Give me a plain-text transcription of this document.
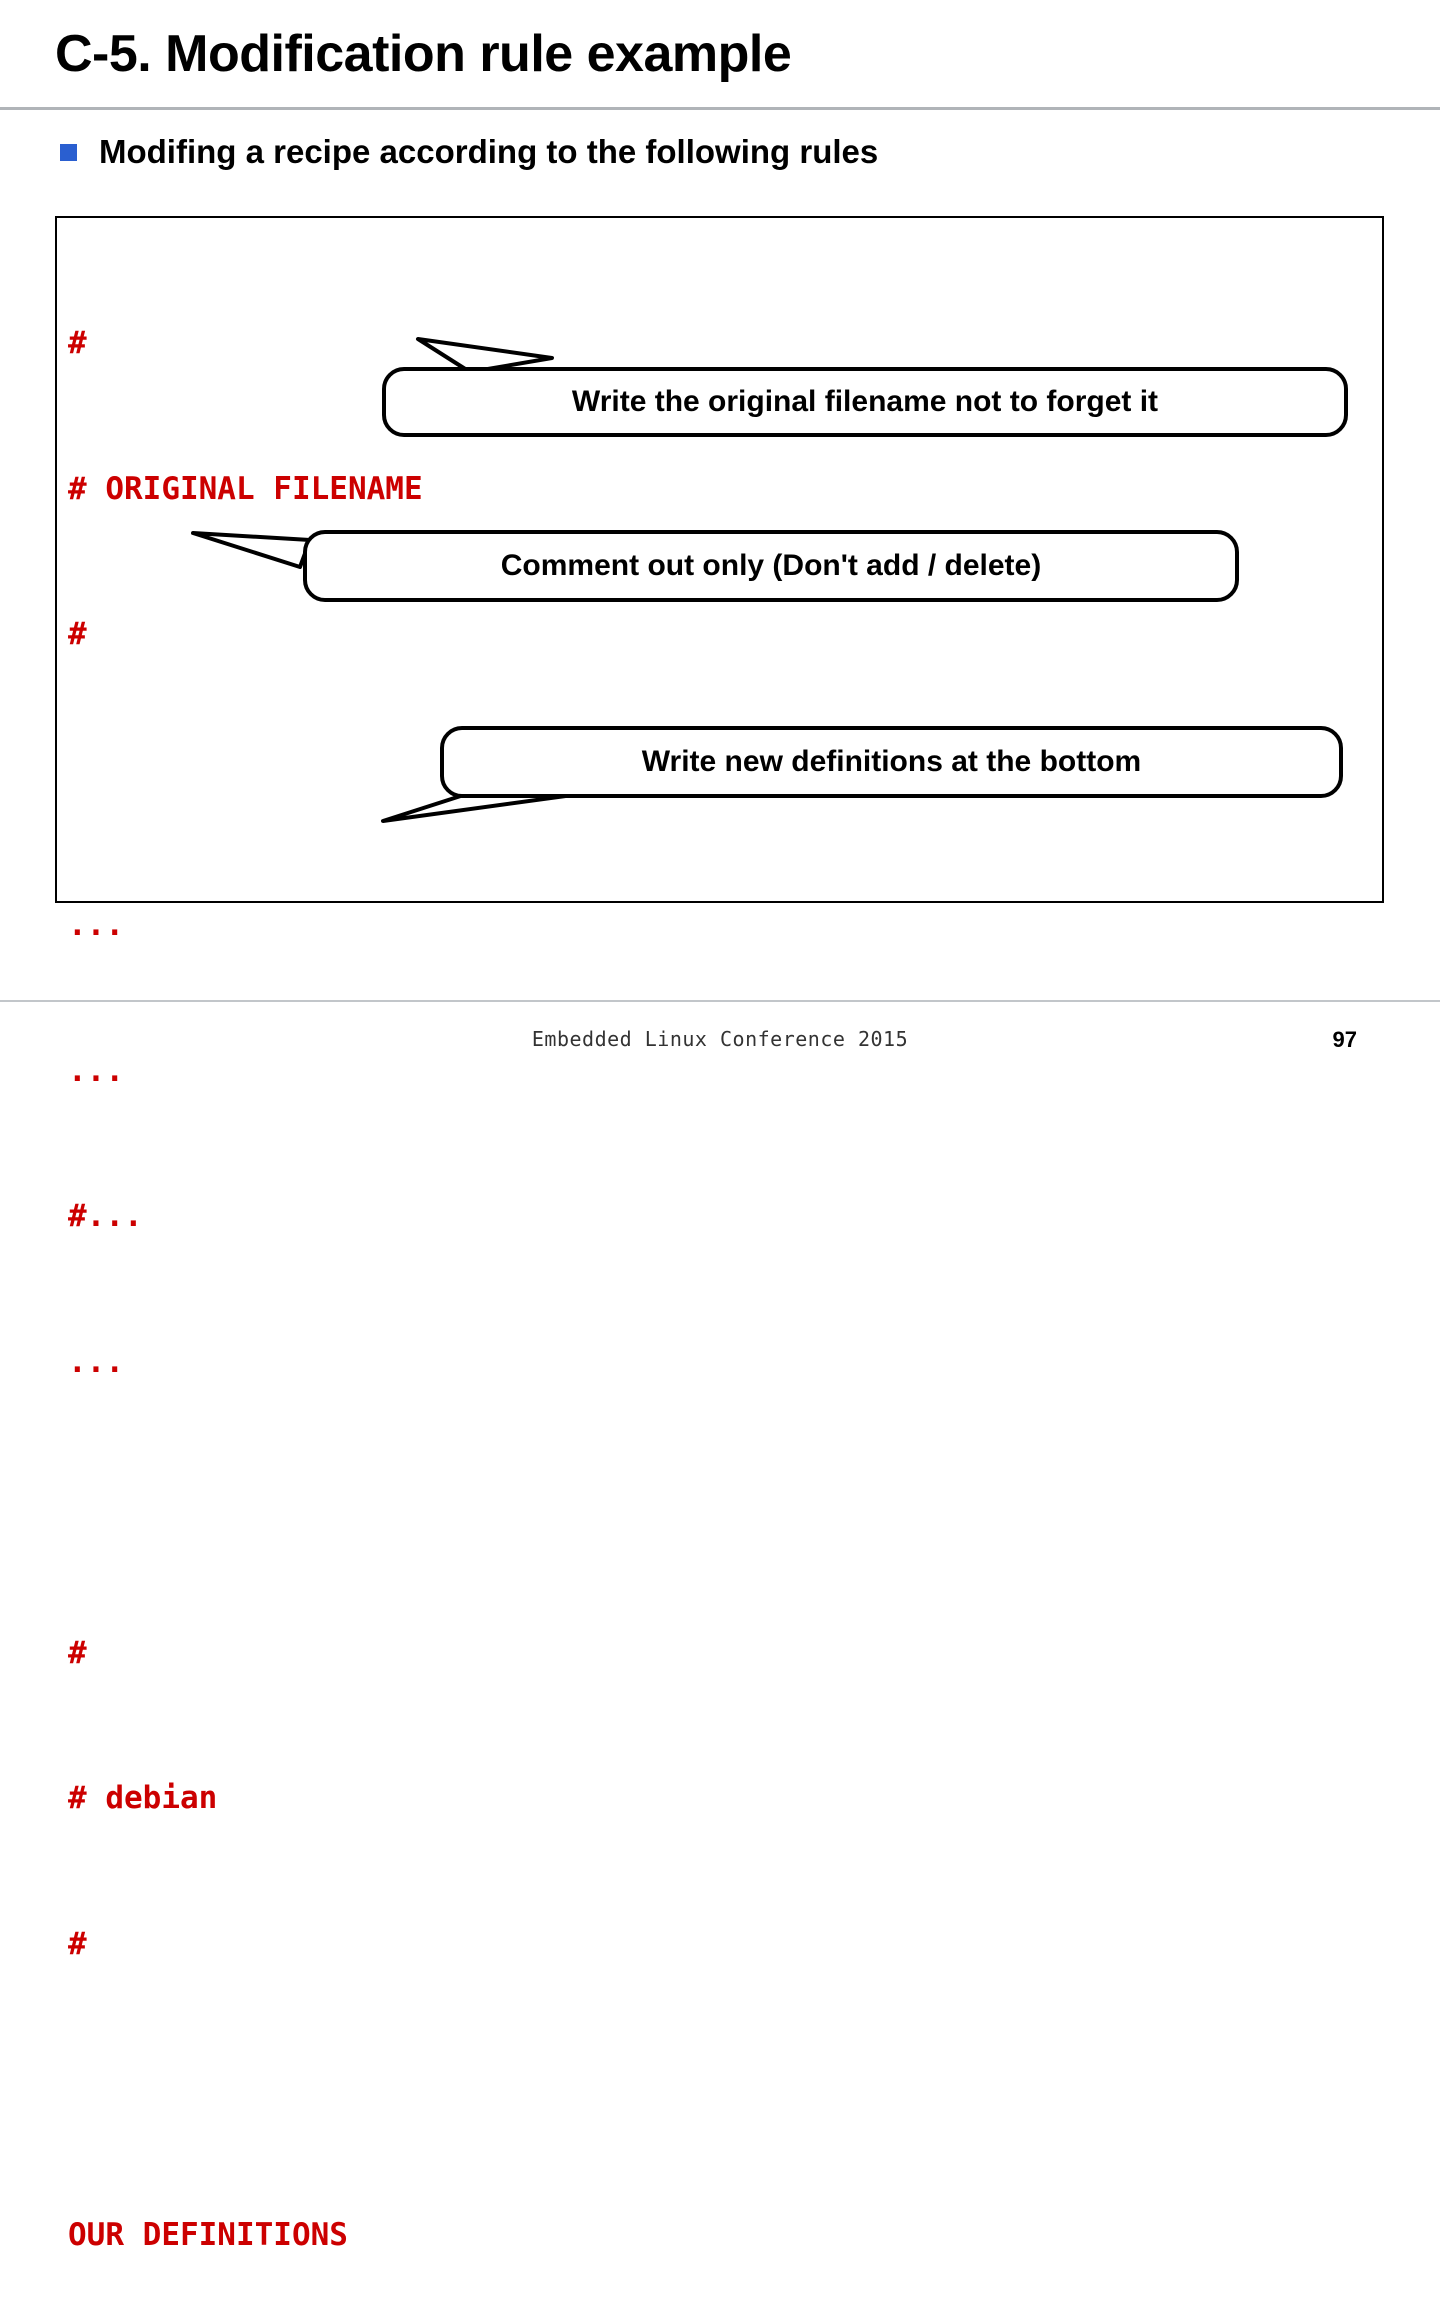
C-5. Modification rule example
Modifing a recipe according to the following rules

#

# ORIGINAL FILENAME

#

...

...

#...

...

#

# debian

#

OUR DEFINITIONS

Write the original filename not to forget it
Comment out only (Don't add / delete)
Write new definitions at the bottom
Embedded Linux Conference 2015	97
